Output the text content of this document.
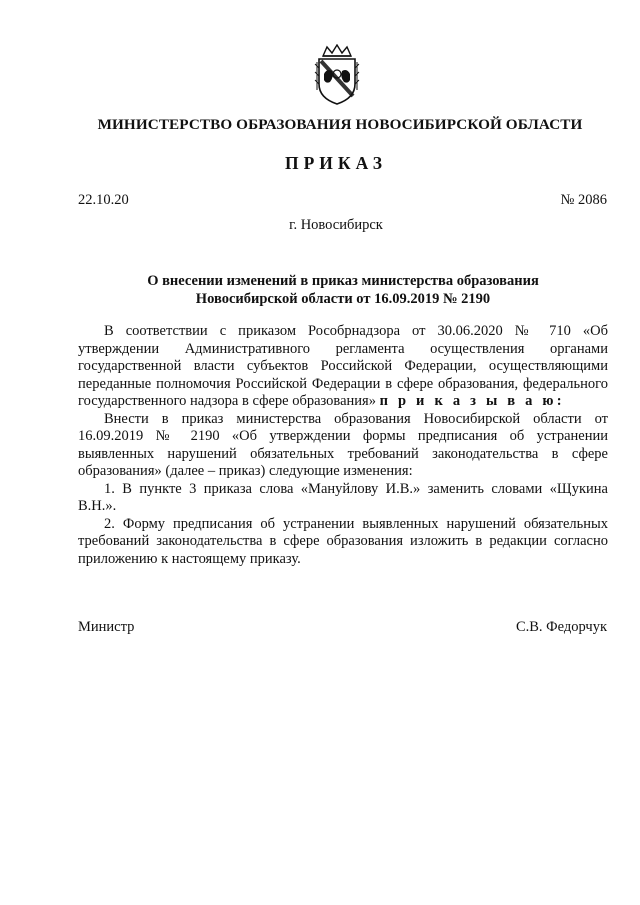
МИНИСТЕРСТВО ОБРАЗОВАНИЯ НОВОСИБИРСКОЙ ОБЛАСТИ
ПРИКАЗ
22.10.20	№ 2086
г. Новосибирск
О внесении изменений в приказ министерства образования
Новосибирской области от 16.09.2019 № 2190

В соответствии с приказом Рособрнадзора от 30.06.2020 № 710 «Об утверждении Административного регламента осуществления органами государственной власти субъектов Российской Федерации, осуществляющими переданные полномочия Российской Федерации в сфере образования, федерального государственного надзора в сфере образования» п р и к а з ы в а ю:

Внести в приказ министерства образования Новосибирской области от 16.09.2019 № 2190 «Об утверждении формы предписания об устранении выявленных нарушений обязательных требований законодательства в сфере образования» (далее – приказ) следующие изменения:

1. В пункте 3 приказа слова «Мануйлову И.В.» заменить словами «Щукина В.Н.».

2. Форму предписания об устранении выявленных нарушений обязательных требований законодательства в сфере образования изложить в редакции согласно приложению к настоящему приказу.

Министр	С.В. Федорчук
